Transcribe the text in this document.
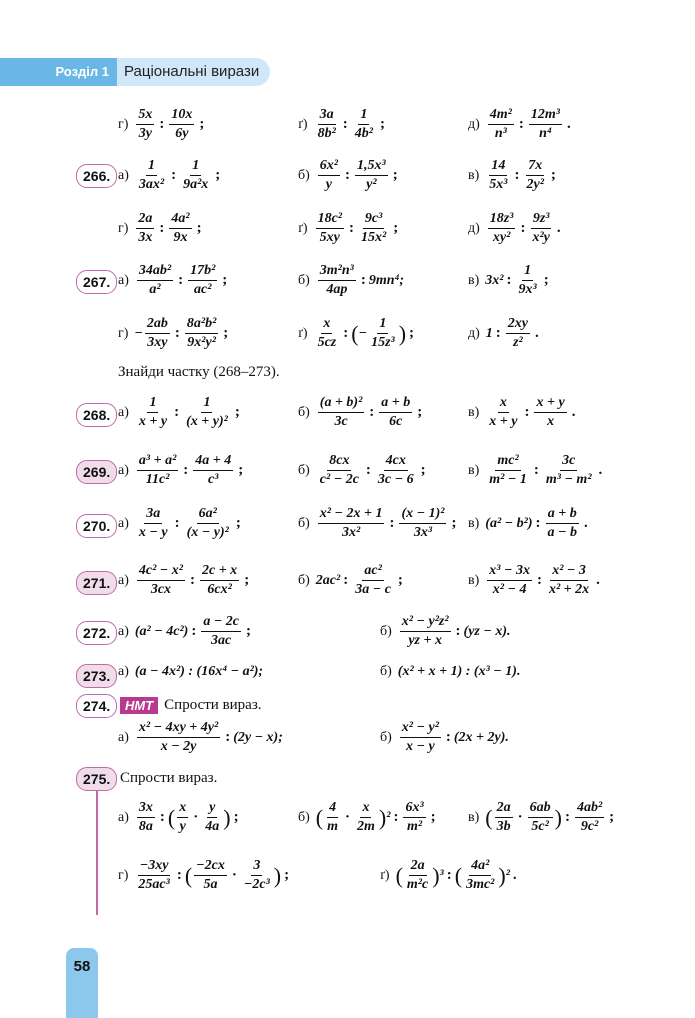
Розділ 1	Раціональні вирази
$г) \frac{5x}{3y}$ : $\frac{10x}{6y}$ ;	$ґ) \frac{3a}{\text{8b²}}$ : $\frac{1}{\text{4b²}}$ ;	$д) \frac{\text{4m²}}{\text{n³}}$ : $\frac{\text{12m³}}{\text{n⁴}}$ .
266. $а) \frac{1}{\text{3ax²}}$ : $\frac{1}{\text{9a²x}}$ ;	$б) \frac{\text{6x²}}{y}$ : $\frac{\text{1,5x³}}{\text{y²}}$ ;	$в) \frac{14}{\text{5x³}}$ : $\frac{7x}{\text{2y²}}$ ;
$г) \frac{2a}{3x}$ : $\frac{\text{4a²}}{9x}$ ;	$ґ) \frac{\text{18c²}}{5xy}$ : $\frac{\text{9c³}}{\text{15x²}}$ ;	$д) \frac{\text{18z³}}{\text{xy²}}$ : $\frac{\text{9z³}}{\text{x²y}}$ .
267. $а) \frac{\text{34ab²}}{\text{a²}}$ : $\frac{\text{17b²}}{\text{ac²}}$ ;	$б) \frac{\text{3m²n³}}{4ap}$ : 9mn⁴;	в) 3x² : $\frac{1}{\text{9x³}}$ ;
$г) - \frac{2ab}{3xy}$ : $\frac{\text{8a²b²}}{\text{9x²y²}}$ ;	$ґ) \frac{x}{5cz}$ : ( − $\frac{1}{\text{15z³}}$ ) ;	д) 1 : $\frac{2xy}{\text{z²}}$ .
Знайди частку (268–273).
268. $а) \frac{1}{x + y}$ : $\frac{1}{\text{(x + y)²}}$ ;	$б) \frac{\text{(a + b)²}}{3c}$ : $\frac{a + b}{6c}$ ;	$в) \frac{x}{x + y}$ : $\frac{x + y}{x}$ .
269. $а) \frac{\text{a³ + a²}}{\text{11c²}}$ : $\frac{4a + 4}{\text{c³}}$ ;	$б) \frac{8cx}{\text{c² − 2c}}$ : $\frac{4cx}{3c - 6}$ ;	$в) \frac{\text{mc²}}{\text{m² − 1}}$ : $\frac{3c}{\text{m³ − m²}}$ .
270. $а) \frac{3a}{x - y}$ : $\frac{\text{6a²}}{\text{(x − y)²}}$ ;	$б) \frac{\text{x² − 2x + 1}}{\text{3x²}}$ : $\frac{\text{(x − 1)²}}{\text{3x³}}$ ; в) (a² − b²) : $\frac{a + b}{a - b}$ .
271. $а) \frac{\text{4c² − x²}}{3cx}$ : $\frac{2c + x}{\text{6cx²}}$ ;	б) 2ac² : $\frac{\text{ac²}}{3a - c}$ ;	$в) \frac{\text{x³ − 3x}}{\text{x² − 4}}$ : $\frac{\text{x² − 3}}{\text{x² + 2x}}$ .
272. а) (a² − 4c²) : $\frac{a - 2c}{3ac}$ ;	$б) \frac{\text{x² − y²z²}}{yz + x}$ : (yz − x).
273. а) (a − 4x²) : (16x⁴ − a²);	б) (x² + x + 1) : (x³ − 1).
274.	НМТ Спрости вираз.
$а) \frac{\text{x² − 4xy + 4y²}}{x - 2y}$ : (2y − x);	$б) \frac{\text{x² − y²}}{x - y}$ : (2x + 2y).
275. Спрости вираз.
$а) \frac{3x}{8a}$ : ( $\frac{x}{y} \cdot \frac{y}{4a}$ ) ;	б) ( $\frac{4}{m} \cdot \frac{x}{2m}$ ) ² : $\frac{\text{6x³}}{\text{m²}}$ ; в) ( $\frac{2a}{3b} \cdot \frac{6ab}{\text{5c²}}$ ) : $\frac{\text{4ab²}}{\text{9c²}}$ ;
$г) \frac{-3xy}{\text{25ac³}}$ : ( $\frac{-2cx}{5a} \cdot \frac{3}{\text{−2c³}}$ ) ;	ґ) ( $\frac{2a}{\text{m²c}}$ ) ³ : ( $\frac{\text{4a²}}{\text{3mc²}}$ ) ² .
58
